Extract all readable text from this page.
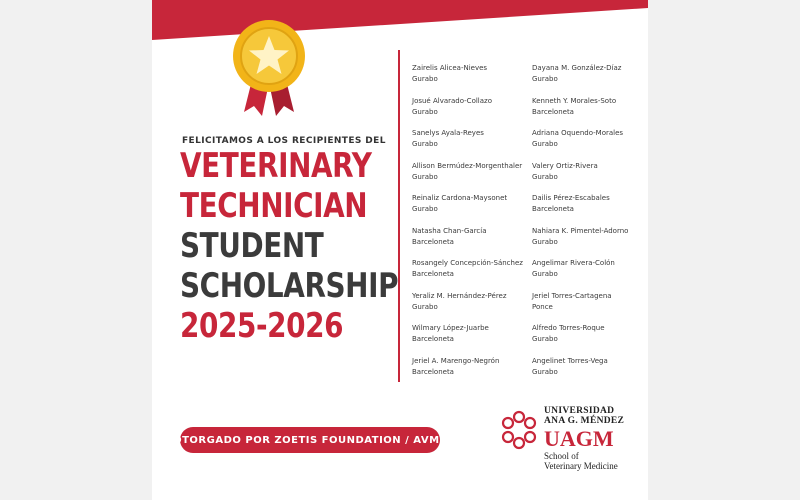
FELICITAMOS A LOS RECIPIENTES DEL
VETERINARY
TECHNICIAN
STUDENT
SCHOLARSHIP
2025-2026
Zairelis Alicea-Nieves
Gurabo
Josué Alvarado-Collazo
Gurabo
Sanelys Ayala-Reyes
Gurabo
Allison Bermúdez-Morgenthaler
Gurabo
Reinaliz Cardona-Maysonet
Gurabo
Natasha Chan-García
Barceloneta
Rosangely Concepción-Sánchez
Barceloneta
Yeraliz M. Hernández-Pérez
Gurabo
Wilmary López-Juarbe
Barceloneta
Jeriel A. Marengo-Negrón
Barceloneta
Dayana M. González-Díaz
Gurabo
Kenneth Y. Morales-Soto
Barceloneta
Adriana Oquendo-Morales
Gurabo
Valery Ortiz-Rivera
Gurabo
Dailis Pérez-Escabales
Barceloneta
Nahiara K. Pimentel-Adorno
Gurabo
Angelimar Rivera-Colón
Gurabo
Jeriel Torres-Cartagena
Ponce
Alfredo Torres-Roque
Gurabo
Angelinet Torres-Vega
Gurabo
OTORGADO POR ZOETIS FOUNDATION / AVMF
UNIVERSIDAD
ANA G. MÉNDEZ
UAGM
School of
Veterinary Medicine
